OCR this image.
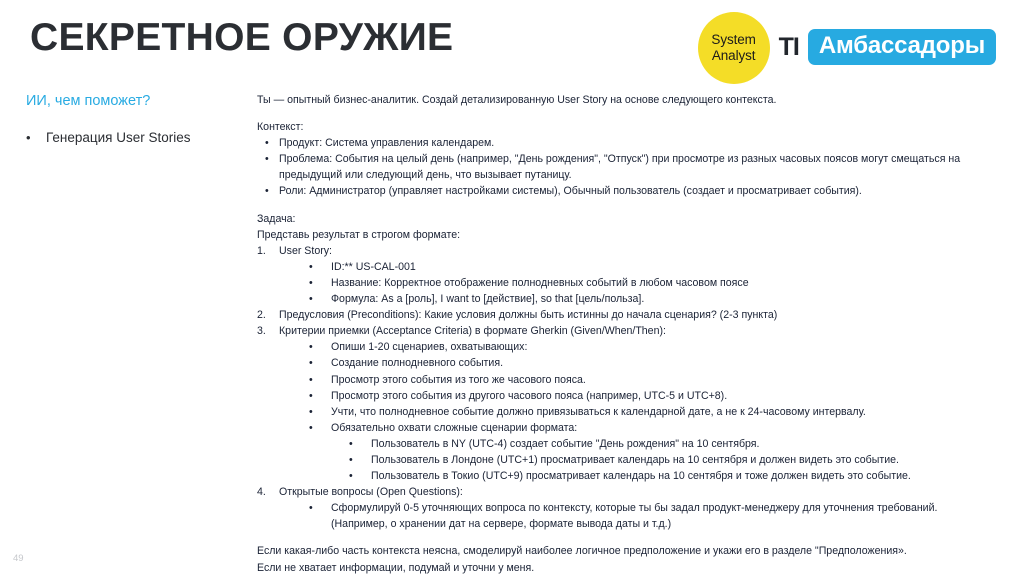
СЕКРЕТНОЕ ОРУЖИЕ	System
Analyst TI Амбассадоры
ИИ, чем поможет?
•	Генерация User Stories

Ты — опытный бизнес-аналитик. Создай детализированную User Story на основе следующего контекста.

Контекст:

• Продукт: Система управления календарем.
• Проблема: События на целый день (например, "День рождения", "Отпуск") при просмотре из разных часовых поясов могут смещаться на предыдущий или следующий день, что вызывает путаницу.
• Роли: Администратор (управляет настройками системы), Обычный пользователь (создает и просматривает события).

Задача:

Представь результат в строгом формате:

1.	User Story:
•	ID:** US-CAL-001
•	Название: Корректное отображение полнодневных событий в любом часовом поясе
•	Формула: As a [роль], I want to [действие], so that [цель/польза].
2.	Предусловия (Preconditions): Какие условия должны быть истинны до начала сценария? (2-3 пункта)
3.	Критерии приемки (Acceptance Criteria) в формате Gherkin (Given/When/Then):
•	Опиши 1-20 сценариев, охватывающих:
•	Создание полнодневного события.
•	Просмотр этого события из того же часового пояса.
•	Просмотр этого события из другого часового пояса (например, UTC-5 и UTC+8).
•	Учти, что полнодневное событие должно привязываться к календарной дате, а не к 24-часовому интервалу.
•	Обязательно охвати сложные сценарии формата:
•	Пользователь в NY (UTC-4) создает событие "День рождения" на 10 сентября.
•	Пользователь в Лондоне (UTC+1) просматривает календарь на 10 сентября и должен видеть это событие.
•	Пользователь в Токио (UTC+9) просматривает календарь на 10 сентября и тоже должен видеть это событие.
4.	Открытые вопросы (Open Questions):
•	Сформулируй 0-5 уточняющих вопроса по контексту, которые ты бы задал продукт-менеджеру для уточнения требований.
(Например, о хранении дат на сервере, формате вывода даты и т.д.)

Если какая-либо часть контекста неясна, смоделируй наиболее логичное предположение и укажи его в разделе "Предположения».

Если не хватает информации, подумай и уточни у меня.

49
